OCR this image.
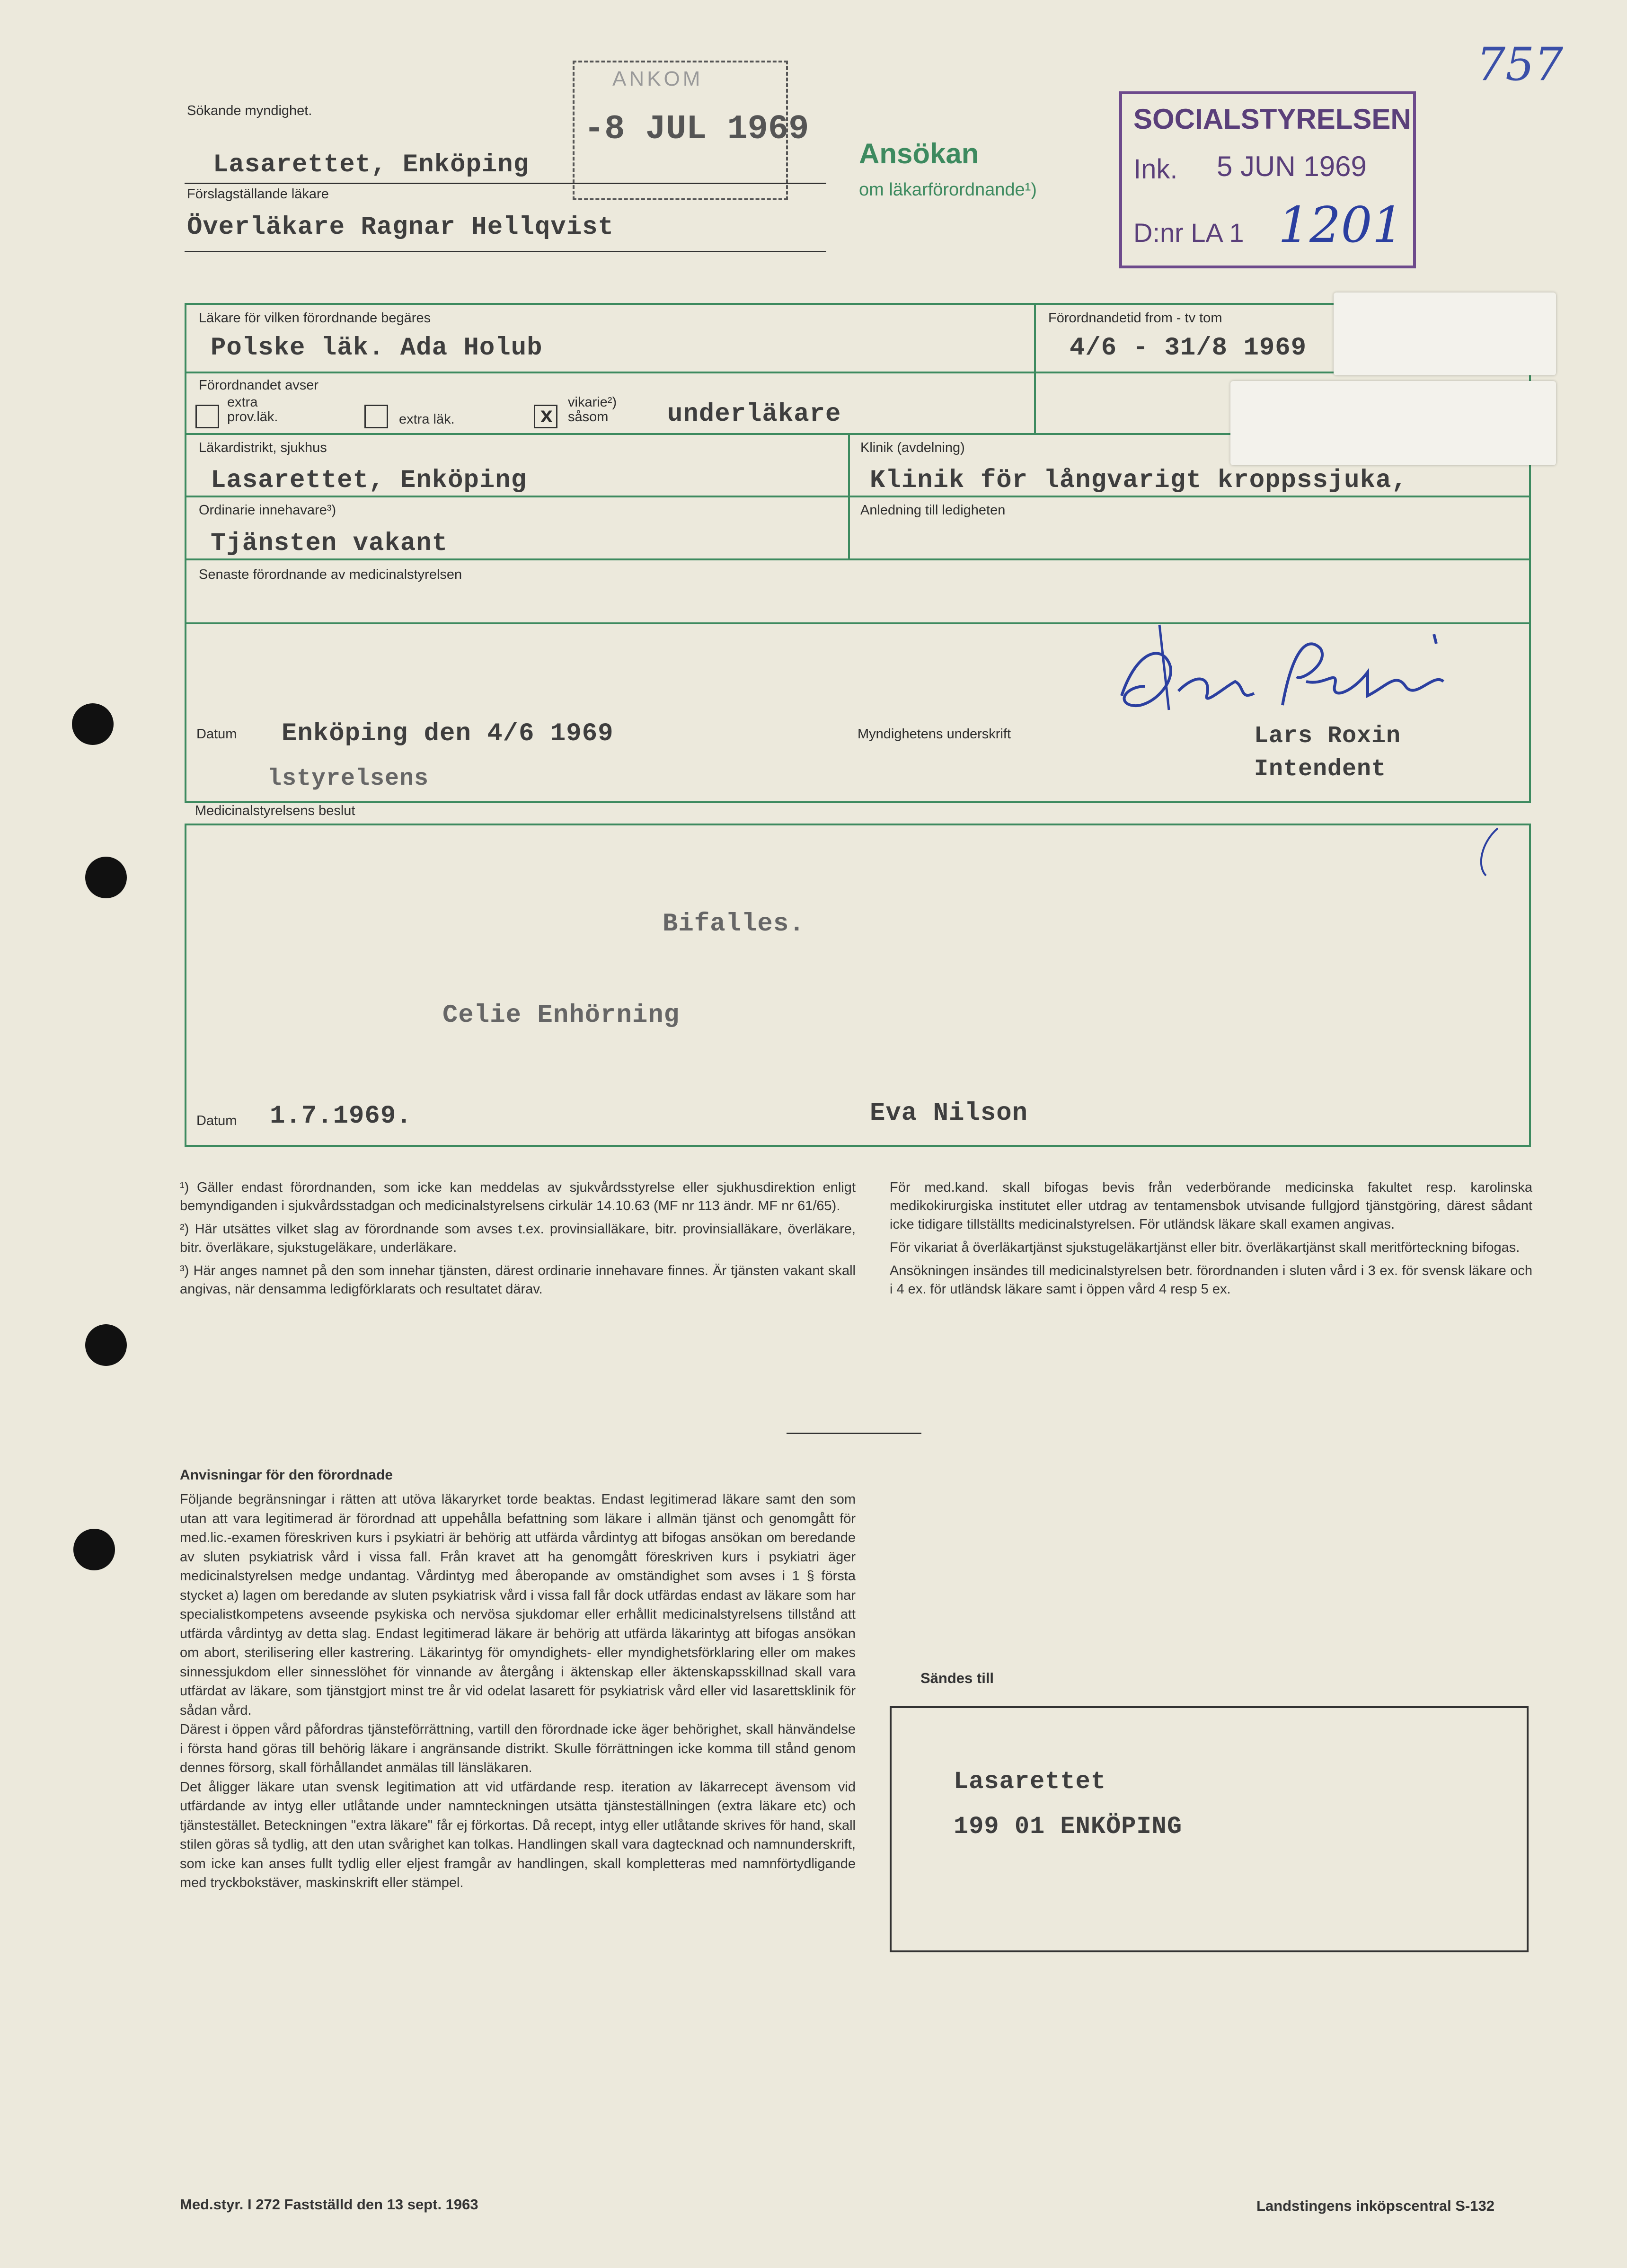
757
Sökande myndighet.
Lasarettet, Enköping
Förslagställande läkare
Överläkare Ragnar Hellqvist
ANKOM
-8 JUL 1969
Ansökan
om läkarförordnande¹)
SOCIALSTYRELSEN
Ink. 5 JUN 1969
D:nr LA 1 1201
Läkare för vilken förordnande begäres
Polske läk. Ada Holub
Förordnandetid from - tv tom
4/6 - 31/8 1969
Förordnandet avser
extra
prov.läk.	extra läk.	x
vikarie²)
såsom	underläkare
Läkardistrikt, sjukhus
Lasarettet, Enköping
Klinik (avdelning)
Klinik för långvarigt kroppssjuka,
Ordinarie innehavare³)
Tjänsten vakant
Anledning till ledigheten
Senaste förordnande av medicinalstyrelsen
Datum Enköping den 4/6 1969	Myndighetens underskrift	Lars Roxin
Intendent
lstyrelsens
Medicinalstyrelsens beslut
Bifalles.
Celie Enhörning
Datum 1.7.1969.	Eva Nilson

¹) Gäller endast förordnanden, som icke kan meddelas av sjukvårdsstyrelse eller sjukhusdirektion enligt bemyndiganden i sjukvårdsstadgan och medicinalstyrelsens cirkulär 14.10.63 (MF nr 113 ändr. MF nr 61/65).

²) Här utsättes vilket slag av förordnande som avses t.ex. provinsialläkare, bitr. provinsialläkare, överläkare, bitr. överläkare, sjukstugeläkare, underläkare.

³) Här anges namnet på den som innehar tjänsten, därest ordinarie innehavare finnes. Är tjänsten vakant skall angivas, när densamma ledigförklarats och resultatet därav.

För med.kand. skall bifogas bevis från vederbörande medicinska fakultet resp. karolinska medikokirurgiska institutet eller utdrag av tentamensbok utvisande fullgjord tjänstgöring, därest sådant icke tidigare tillställts medicinalstyrelsen. För utländsk läkare skall examen angivas.

För vikariat å överläkartjänst sjukstugeläkartjänst eller bitr. överläkartjänst skall meritförteckning bifogas.

Ansökningen insändes till medicinalstyrelsen betr. förordnanden i sluten vård i 3 ex. för svensk läkare och i 4 ex. för utländsk läkare samt i öppen vård 4 resp 5 ex.

Anvisningar för den förordnade

Följande begränsningar i rätten att utöva läkaryrket torde beaktas. Endast legitimerad läkare samt den som utan att vara legitimerad är förordnad att uppehålla befattning som läkare i allmän tjänst och genomgått för med.lic.-examen föreskriven kurs i psykiatri är behörig att utfärda vårdintyg att bifogas ansökan om beredande av sluten psykiatrisk vård i vissa fall. Från kravet att ha genomgått föreskriven kurs i psykiatri äger medicinalstyrelsen medge undantag. Vårdintyg med åberopande av omständighet som avses i 1 § första stycket a) lagen om beredande av sluten psykiatrisk vård i vissa fall får dock utfärdas endast av läkare som har specialistkompetens avseende psykiska och nervösa sjukdomar eller erhållit medicinalstyrelsens tillstånd att utfärda vårdintyg av detta slag. Endast legitimerad läkare är behörig att utfärda läkarintyg att bifogas ansökan om abort, sterilisering eller kastrering. Läkarintyg för omyndighets- eller myndighetsförklaring eller om makes sinnessjukdom eller sinnesslöhet för vinnande av återgång i äktenskap eller äktenskapsskillnad skall vara utfärdat av läkare, som tjänstgjort minst tre år vid odelat lasarett för psykiatrisk vård eller vid lasarettsklinik för sådan vård.

Därest i öppen vård påfordras tjänsteförrättning, vartill den förordnade icke äger behörighet, skall hänvändelse i första hand göras till behörig läkare i angränsande distrikt. Skulle förrättningen icke komma till stånd genom dennes försorg, skall förhållandet anmälas till länsläkaren.

Det åligger läkare utan svensk legitimation att vid utfärdande resp. iteration av läkarrecept ävensom vid utfärdande av intyg eller utlåtande under namnteckningen utsätta tjänsteställningen (extra läkare etc) och tjänstestället. Beteckningen "extra läkare" får ej förkortas. Då recept, intyg eller utlåtande skrives för hand, skall stilen göras så tydlig, att den utan svårighet kan tolkas. Handlingen skall vara dagtecknad och namnunderskrift, som icke kan anses fullt tydlig eller eljest framgår av handlingen, skall kompletteras med namnförtydligande med tryckbokstäver, maskinskrift eller stämpel.

Sändes till
Lasarettet
199 01 ENKÖPING
Med.styr. I 272 Fastställd den 13 sept. 1963	Landstingens inköpscentral S-132
